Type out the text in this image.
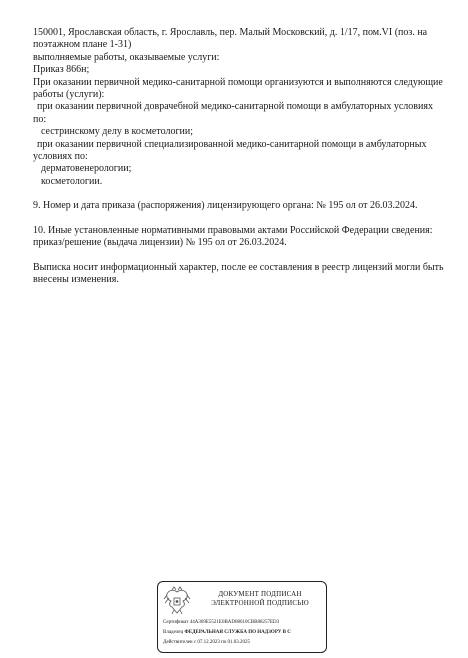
150001, Ярославская область, г. Ярославль, пер. Малый Московский, д. 1/17, пом.VI (поз. на

поэтажном плане 1-31)

выполняемые работы, оказываемые услуги:

Приказ 866н;

При оказании первичной медико-санитарной помощи организуются и выполняются следующие

работы (услуги):

при оказании первичной доврачебной медико-санитарной помощи в амбулаторных условиях

по:

сестринскому делу в косметологии;

при оказании первичной специализированной медико-санитарной помощи в амбулаторных

условиях по:

дерматовенерологии;

косметологии.

9. Номер и дата приказа (распоряжения) лицензирующего органа: № 195 ол от 26.03.2024.

10. Иные установленные нормативными правовыми актами Российской Федерации сведения:

приказ/решение (выдача лицензии) № 195 ол от 26.03.2024.

Выписка носит информационный характер, после ее составления в реестр лицензий могли быть

внесены изменения.

ДОКУМЕНТ ПОДПИСАН
ЭЛЕКТРОННОЙ ПОДПИСЬЮ
Сертификат 44A369E5521E0BAD08610CBB88257ED3
Владелец ФЕДЕРАЛЬНАЯ СЛУЖБА ПО НАДЗОРУ В С
Действителен с 07.12.2023 по 01.03.2025
